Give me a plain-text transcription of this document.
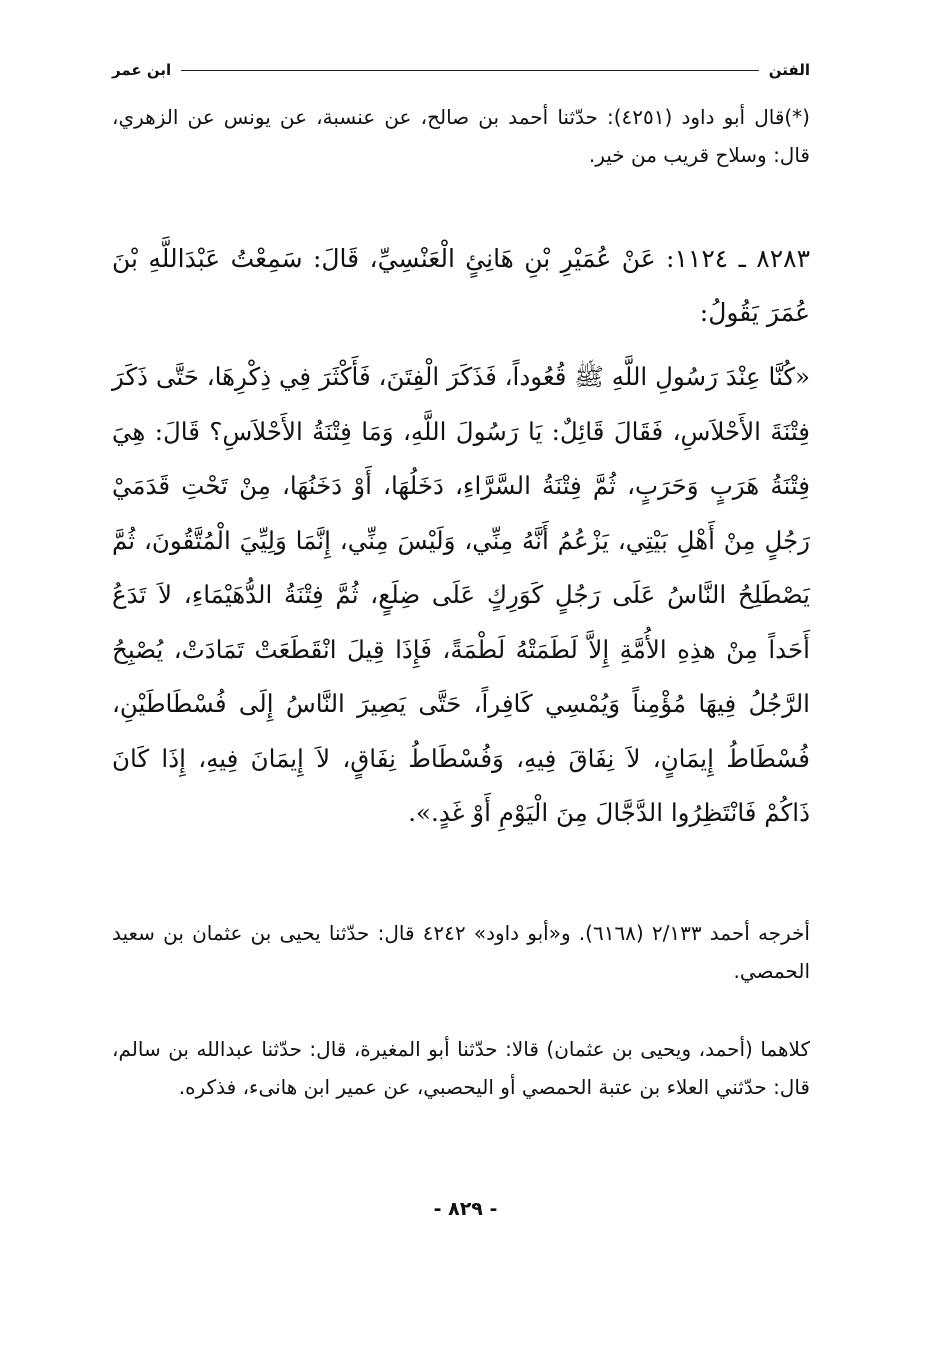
الفتن
ابن عمر

(*)قال أبو داود (٤٢٥١): حدّثنا أحمد بن صالح، عن عنسبة، عن يونس عن الزهري، قال: وسلاح قريب من خير.

٨٢٨٣ ـ ١١٢٤: عَنْ عُمَيْرِ بْنِ هَانِئٍ الْعَنْسِيِّ، قَالَ: سَمِعْتُ عَبْدَاللَّهِ بْنَ عُمَرَ يَقُولُ:

«كُنَّا عِنْدَ رَسُولِ اللَّهِ ﷺ قُعُوداً، فَذَكَرَ الْفِتَنَ، فَأَكْثَرَ فِي ذِكْرِهَا، حَتَّى ذَكَرَ فِتْنَةَ الأَحْلاَسِ، فَقَالَ قَائِلٌ: يَا رَسُولَ اللَّهِ، وَمَا فِتْنَةُ الأَحْلاَسِ؟ قَالَ: هِيَ فِتْنَةُ هَرَبٍ وَحَرَبٍ، ثُمَّ فِتْنَةُ السَّرَّاءِ، دَخَلُهَا، أَوْ دَخَنُهَا، مِنْ تَحْتِ قَدَمَيْ رَجُلٍ مِنْ أَهْلِ بَيْتِي، يَزْعُمُ أَنَّهُ مِنِّي، وَلَيْسَ مِنِّي، إِنَّمَا وَلِيِّيَ الْمُتَّقُونَ، ثُمَّ يَصْطَلِحُ النَّاسُ عَلَى رَجُلٍ كَوَرِكٍ عَلَى ضِلَعٍ، ثُمَّ فِتْنَةُ الدُّهَيْمَاءِ، لاَ تَدَعُ أَحَداً مِنْ هذِهِ الأُمَّةِ إِلاَّ لَطَمَتْهُ لَطْمَةً، فَإِذَا قِيلَ انْقَطَعَتْ تَمَادَتْ، يُصْبِحُ الرَّجُلُ فِيهَا مُؤْمِناً وَيُمْسِي كَافِراً، حَتَّى يَصِيرَ النَّاسُ إِلَى فُسْطَاطَيْنِ، فُسْطَاطُ إِيمَانٍ، لاَ نِفَاقَ فِيهِ، وَفُسْطَاطُ نِفَاقٍ، لاَ إِيمَانَ فِيهِ، إِذَا كَانَ ذَاكُمْ فَانْتَظِرُوا الدَّجَّالَ مِنَ الْيَوْمِ أَوْ غَدٍ.».

أخرجه أحمد ٢/١٣٣ (٦١٦٨). و«أبو داود» ٤٢٤٢ قال: حدّثنا يحيى بن عثمان بن سعيد الحمصي.

كلاهما (أحمد، ويحيى بن عثمان) قالا: حدّثنا أبو المغيرة، قال: حدّثنا عبدالله بن سالم، قال: حدّثني العلاء بن عتبة الحمصي أو اليحصبي، عن عمير ابن هانىء، فذكره.

- ٨٢٩ -
